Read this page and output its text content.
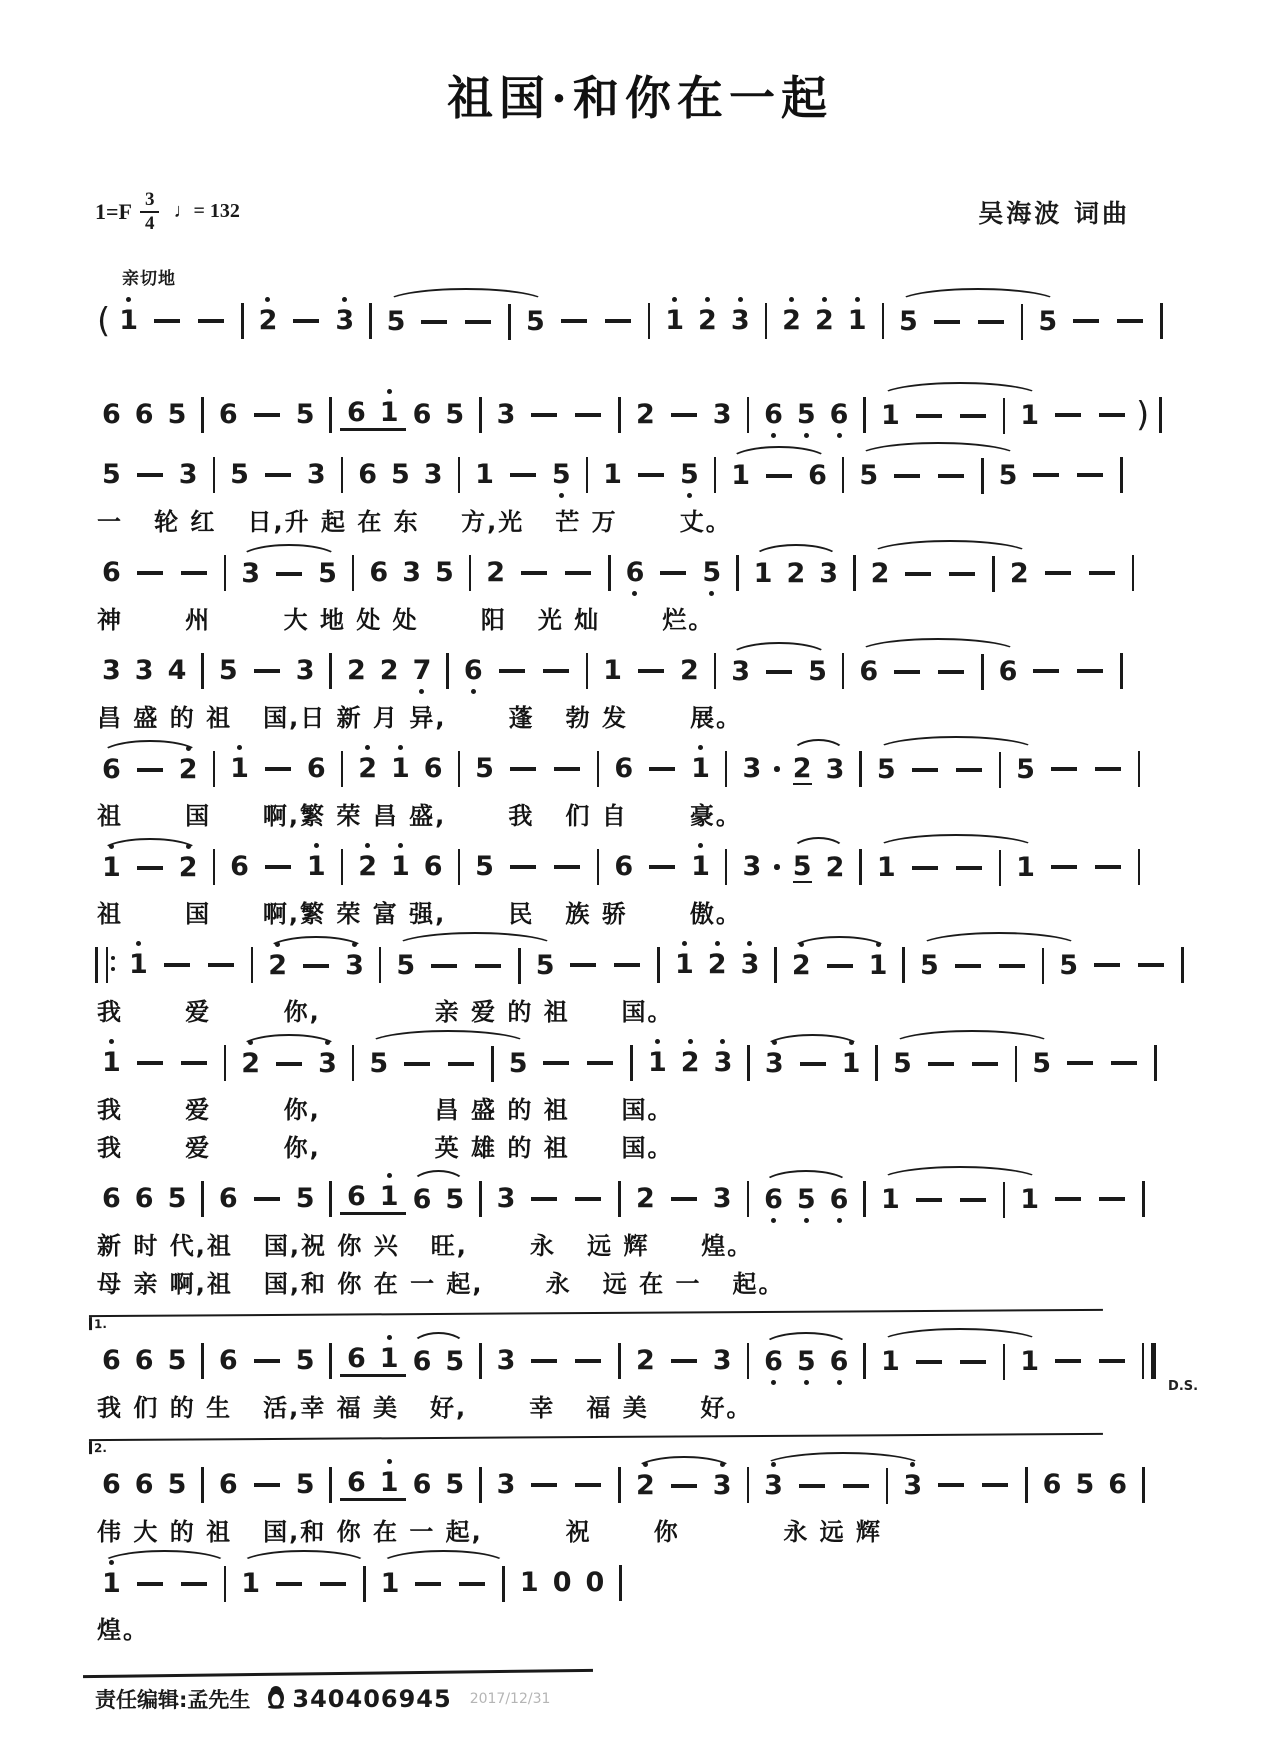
祖国·和你在一起
$1=F \frac{3}{4}$ ♩= 132	吴海波 词曲
亲切地
( 1	2 3 5	5	1 2 3 2 2 1 5	5
6 6 5 6 5 6 1 6 5 3	2 3 6 5 6 1	1	)
5 3 5 3 6 5 3 1 5 1 5 1 6 5	5
一   轮 红   日,升 起 在 东    方,光   芒 万      丈。
6	3 5 6 3 5 2	6 5 1 2 3 2	2
神      州       大 地 处 处      阳   光 灿      烂。
3 3 4 5 3 2 2 7 6	1 2 3 5 6	6
昌 盛 的 祖   国,日 新 月 异,      蓬   勃 发      展。
6 2 1 6 2 1 6 5	6 1 3 2 3 5	5
祖      国     啊,繁 荣 昌 盛,      我   们 自      豪。
1 2 6 1 2 1 6 5	6 1 3 5 2 1	1
祖      国     啊,繁 荣 富 强,      民   族 骄      傲。
1	2 3 5	5	1 2 3 2 1 5	5
我      爱       你,           亲 爱 的 祖     国。
1	2 3 5	5	1 2 3 3 1 5	5
我      爱       你,           昌 盛 的 祖     国。
我      爱       你,           英 雄 的 祖     国。
6 6 5 6 5 6 1 6 5 3	2 3 6 5 6 1	1
新 时 代,祖   国,祝 你 兴   旺,      永   远 辉     煌。
母 亲 啊,祖   国,和 你 在 一 起,      永   远 在 一   起。
1.
6 6 5 6 5 6 1 6 5 3	2 3 6 5 6 1	1
D.S.
我 们 的 生   活,幸 福 美   好,      幸   福 美     好。
2.
6 6 5 6 5 6 1 6 5 3	2 3 3	3	6 5 6
伟 大 的 祖   国,和 你 在 一 起,        祝      你          永 远 辉
1	1	1	1 0 0
煌。
责任编辑:孟先生 340406945 2017/12/31
